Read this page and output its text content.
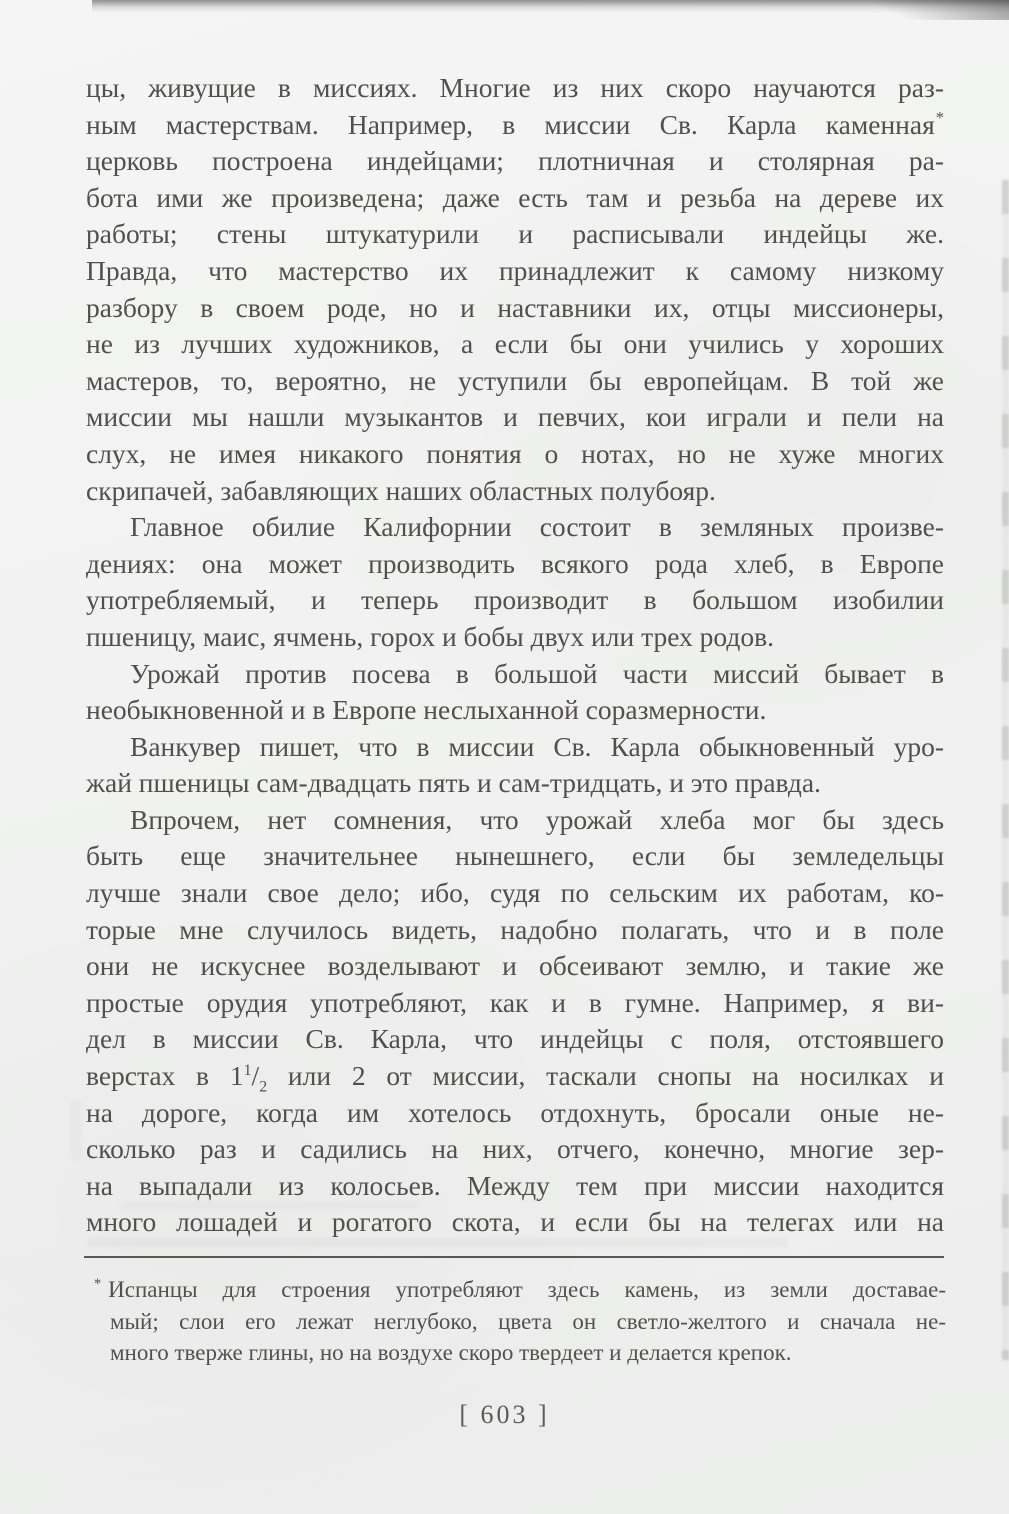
цы, живущие в миссиях. Многие из них скоро научаются раз-
ным мастерствам. Например, в миссии Св. Карла каменная*
церковь построена индейцами; плотничная и столярная ра-
бота ими же произведена; даже есть там и резьба на дереве их
работы; стены штукатурили и расписывали индейцы же.
Правда, что мастерство их принадлежит к самому низкому
разбору в своем роде, но и наставники их, отцы миссионеры,
не из лучших художников, а если бы они учились у хороших
мастеров, то, вероятно, не уступили бы европейцам. В той же
миссии мы нашли музыкантов и певчих, кои играли и пели на
слух, не имея никакого понятия о нотах, но не хуже многих
скрипачей, забавляющих наших областных полубояр.
Главное обилие Калифорнии состоит в земляных произве-
дениях: она может производить всякого рода хлеб, в Европе
употребляемый, и теперь производит в большом изобилии
пшеницу, маис, ячмень, горох и бобы двух или трех родов.
Урожай против посева в большой части миссий бывает в
необыкновенной и в Европе неслыханной соразмерности.
Ванкувер пишет, что в миссии Св. Карла обыкновенный уро-
жай пшеницы сам-двадцать пять и сам-тридцать, и это правда.
Впрочем, нет сомнения, что урожай хлеба мог бы здесь
быть еще значительнее нынешнего, если бы земледельцы
лучше знали свое дело; ибо, судя по сельским их работам, ко-
торые мне случилось видеть, надобно полагать, что и в поле
они не искуснее возделывают и обсеивают землю, и такие же
простые орудия употребляют, как и в гумне. Например, я ви-
дел в миссии Св. Карла, что индейцы с поля, отстоявшего
верстах в $1^1/_2$ или 2 от миссии, таскали снопы на носилках и
на дороге, когда им хотелось отдохнуть, бросали оные не-
сколько раз и садились на них, отчего, конечно, многие зер-
на выпадали из колосьев. Между тем при миссии находится
много лошадей и рогатого скота, и если бы на телегах или на
* Испанцы для строения употребляют здесь камень, из земли доставае-
мый; слои его лежат неглубоко, цвета он светло-желтого и сначала не-
много тверже глины, но на воздухе скоро твердеет и делается крепок.
[ 603 ]
